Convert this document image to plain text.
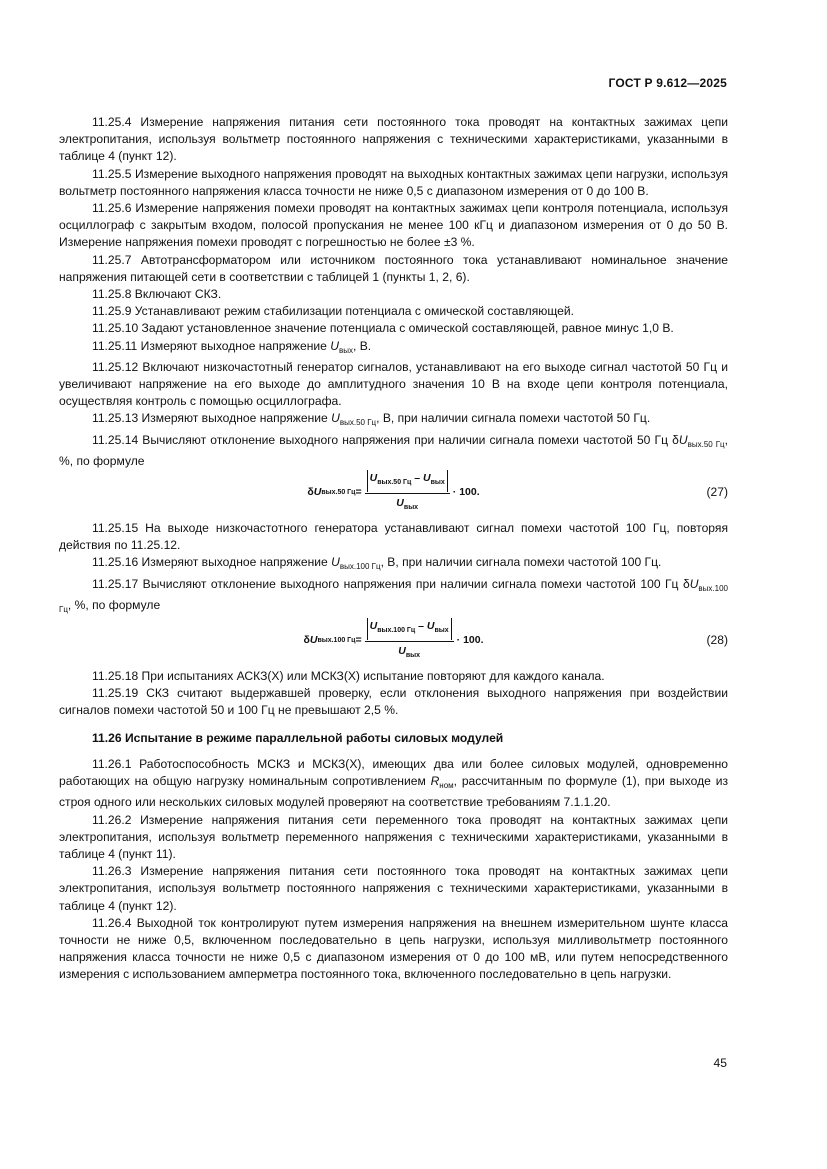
ГОСТ Р 9.612—2025

11.25.4 Измерение напряжения питания сети постоянного тока проводят на контактных зажимах цепи электропитания, используя вольтметр постоянного напряжения с техническими характеристиками, указанными в таблице 4 (пункт 12).

11.25.5 Измерение выходного напряжения проводят на выходных контактных зажимах цепи нагрузки, используя вольтметр постоянного напряжения класса точности не ниже 0,5 с диапазоном измерения от 0 до 100 В.

11.25.6 Измерение напряжения помехи проводят на контактных зажимах цепи контроля потенциала, используя осциллограф с закрытым входом, полосой пропускания не менее 100 кГц и диапазоном измерения от 0 до 50 В. Измерение напряжения помехи проводят с погрешностью не более ±3 %.

11.25.7 Автотрансформатором или источником постоянного тока устанавливают номинальное значение напряжения питающей сети в соответствии с таблицей 1 (пункты 1, 2, 6).

11.25.8 Включают СКЗ.

11.25.9 Устанавливают режим стабилизации потенциала с омической составляющей.

11.25.10 Задают установленное значение потенциала с омической составляющей, равное минус 1,0 В.

11.25.11 Измеряют выходное напряжение $U_{вых}$, В.

11.25.12 Включают низкочастотный генератор сигналов, устанавливают на его выходе сигнал частотой 50 Гц и увеличивают напряжение на его выходе до амплитудного значения 10 В на входе цепи контроля потенциала, осуществляя контроль с помощью осциллографа.

11.25.13 Измеряют выходное напряжение $U_{вых.50 Гц}$, В, при наличии сигнала помехи частотой 50 Гц.

11.25.14 Вычисляют отклонение выходного напряжения при наличии сигнала помехи частотой 50 Гц $\delta U_{вых.50 Гц}$, %, по формуле

δ U вых.50 Гц = $\frac{U_{вых.50 Гц} - U_{вых}}{U_{вых}} \cdot 100$.	(27)

11.25.15 На выходе низкочастотного генератора устанавливают сигнал помехи частотой 100 Гц, повторяя действия по 11.25.12.

11.25.16 Измеряют выходное напряжение $U_{вых.100 Гц}$, В, при наличии сигнала помехи частотой 100 Гц.

11.25.17 Вычисляют отклонение выходного напряжения при наличии сигнала помехи частотой 100 Гц $\delta U_{вых.100 Гц}$, %, по формуле

δ U вых.100 Гц = $\frac{U_{вых.100 Гц} - U_{вых}}{U_{вых}} \cdot 100$.	(28)

11.25.18 При испытаниях АСКЗ(Х) или МСКЗ(Х) испытание повторяют для каждого канала.

11.25.19 СКЗ считают выдержавшей проверку, если отклонения выходного напряжения при воздействии сигналов помехи частотой 50 и 100 Гц не превышают 2,5 %.

11.26 Испытание в режиме параллельной работы силовых модулей

11.26.1 Работоспособность МСКЗ и МСКЗ(Х), имеющих два или более силовых модулей, одновременно работающих на общую нагрузку номинальным сопротивлением $R_{ном}$, рассчитанным по формуле (1), при выходе из строя одного или нескольких силовых модулей проверяют на соответствие требованиям 7.1.1.20.

11.26.2 Измерение напряжения питания сети переменного тока проводят на контактных зажимах цепи электропитания, используя вольтметр переменного напряжения с техническими характеристиками, указанными в таблице 4 (пункт 11).

11.26.3 Измерение напряжения питания сети постоянного тока проводят на контактных зажимах цепи электропитания, используя вольтметр постоянного напряжения с техническими характеристиками, указанными в таблице 4 (пункт 12).

11.26.4 Выходной ток контролируют путем измерения напряжения на внешнем измерительном шунте класса точности не ниже 0,5, включенном последовательно в цепь нагрузки, используя милливольтметр постоянного напряжения класса точности не ниже 0,5 с диапазоном измерения от 0 до 100 мВ, или путем непосредственного измерения с использованием амперметра постоянного тока, включенного последовательно в цепь нагрузки.

45
